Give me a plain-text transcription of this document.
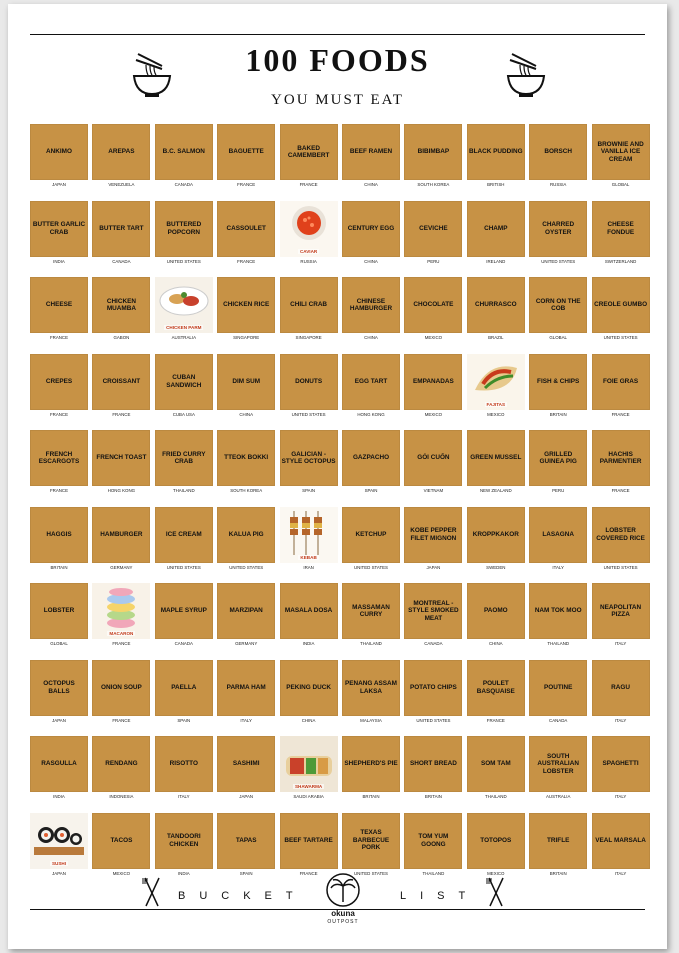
100 FOODS
YOU MUST EAT
ANKIMO
JAPAN
AREPAS
VENEZUELA
B.C. SALMON
CANADA
BAGUETTE
FRANCE
BAKED CAMEMBERT
FRANCE
BEEF RAMEN
CHINA
BIBIMBAP
SOUTH KOREA
BLACK PUDDING
BRITISH
BORSCH
RUSSIA
BROWNIE AND VANILLA ICE CREAM
GLOBAL
BUTTER GARLIC CRAB
INDIA
BUTTER TART
CANADA
BUTTERED POPCORN
UNITED STATES
CASSOULET
FRANCE
CAVIAR
RUSSIA
CENTURY EGG
CHINA
CEVICHE
PERU
CHAMP
IRELAND
CHARRED OYSTER
UNITED STATES
CHEESE FONDUE
SWITZERLAND
CHEESE
FRANCE
CHICKEN MUAMBA
GABON
CHICKEN PARM
AUSTRALIA
CHICKEN RICE
SINGAPORE
CHILI CRAB
SINGAPORE
CHINESE HAMBURGER
CHINA
CHOCOLATE
MEXICO
CHURRASCO
BRAZIL
CORN ON THE COB
GLOBAL
CREOLE GUMBO
UNITED STATES
CREPES
FRANCE
CROISSANT
FRANCE
CUBAN SANDWICH
CUBA USA
DIM SUM
CHINA
DONUTS
UNITED STATES
EGG TART
HONG KONG
EMPANADAS
MEXICO
FAJITAS
MEXICO
FISH & CHIPS
BRITAIN
FOIE GRAS
FRANCE
FRENCH ESCARGOTS
FRANCE
FRENCH TOAST
HONG KONG
FRIED CURRY CRAB
THAILAND
TTEOK BOKKI
SOUTH KOREA
GALICIAN -STYLE OCTOPUS
SPAIN
GAZPACHO
SPAIN
GÓI CUỐN
VIETNAM
GREEN MUSSEL
NEW ZEALAND
GRILLED GUINEA PIG
PERU
HACHIS PARMENTIER
FRANCE
HAGGIS
BRITAIN
HAMBURGER
GERMANY
ICE CREAM
UNITED STATES
KALUA PIG
UNITED STATES
KEBAB
IRAN
KETCHUP
UNITED STATES
KOBE PEPPER FILET MIGNON
JAPAN
KROPPKAKOR
SWEDEN
LASAGNA
ITALY
LOBSTER COVERED RICE
UNITED STATES
LOBSTER
GLOBAL
MACARON
FRANCE
MAPLE SYRUP
CANADA
MARZIPAN
GERMANY
MASALA DOSA
INDIA
MASSAMAN CURRY
THAILAND
MONTREAL -STYLE SMOKED MEAT
CANADA
PAOMO
CHINA
NAM TOK MOO
THAILAND
NEAPOLITAN PIZZA
ITALY
OCTOPUS BALLS
JAPAN
ONION SOUP
FRANCE
PAELLA
SPAIN
PARMA HAM
ITALY
PEKING DUCK
CHINA
PENANG ASSAM LAKSA
MALAYSIA
POTATO CHIPS
UNITED STATES
POULET BASQUAISE
FRANCE
POUTINE
CANADA
RAGU
ITALY
RASGULLA
INDIA
RENDANG
INDONESIA
RISOTTO
ITALY
SASHIMI
JAPAN
SHAWARMA
SAUDI ARABIA
SHEPHERD'S PIE
BRITAIN
SHORT BREAD
BRITAIN
SOM TAM
THAILAND
SOUTH AUSTRALIAN LOBSTER
AUSTRALIA
SPAGHETTI
ITALY
SUSHI
JAPAN
TACOS
MEXICO
TANDOORI CHICKEN
INDIA
TAPAS
SPAIN
BEEF TARTARE
FRANCE
TEXAS BARBECUE PORK
UNITED STATES
TOM YUM GOONG
THAILAND
TOTOPOS
MEXICO
TRIFLE
BRITAIN
VEAL MARSALA
ITALY
BUCKET
okuna
OUTPOST
LIST
